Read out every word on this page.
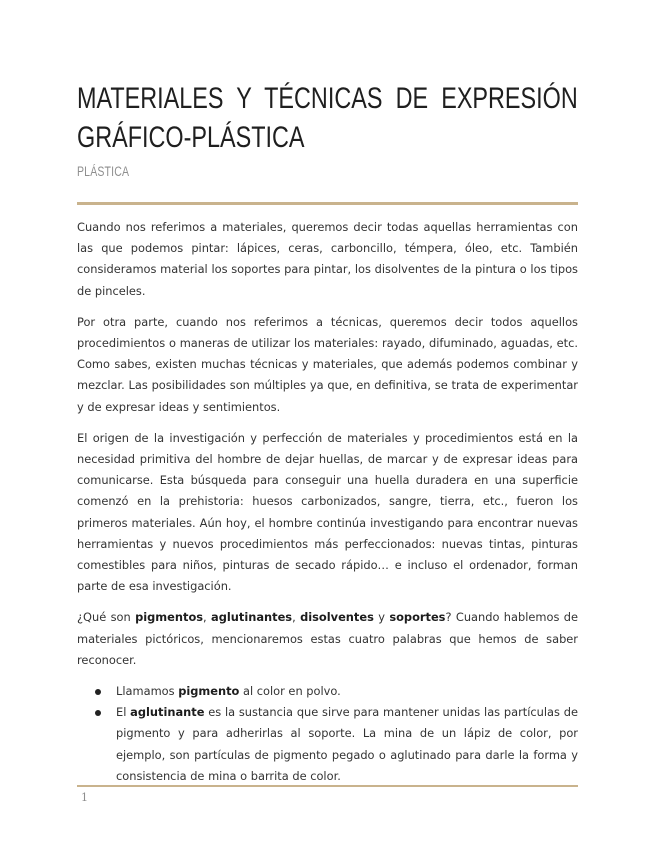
MATERIALES Y TÉCNICAS DE EXPRESIÓN
GRÁFICO-PLÁSTICA
PLÁSTICA

Cuando nos referimos a materiales, queremos decir todas aquellas herramientas con las que podemos pintar: lápices, ceras, carboncillo, témpera, óleo, etc. También consideramos material los soportes para pintar, los disolventes de la pintura o los tipos de pinceles.

Por otra parte, cuando nos referimos a técnicas, queremos decir todos aquellos procedimientos o maneras de utilizar los materiales: rayado, difuminado, aguadas, etc. Como sabes, existen muchas técnicas y materiales, que además podemos combinar y mezclar. Las posibilidades son múltiples ya que, en definitiva, se trata de experimentar y de expresar ideas y sentimientos.

El origen de la investigación y perfección de materiales y procedimientos está en la necesidad primitiva del hombre de dejar huellas, de marcar y de expresar ideas para comunicarse. Esta búsqueda para conseguir una huella duradera en una superficie comenzó en la prehistoria: huesos carbonizados, sangre, tierra, etc., fueron los primeros materiales. Aún hoy, el hombre continúa investigando para encontrar nuevas herramientas y nuevos procedimientos más perfeccionados: nuevas tintas, pinturas comestibles para niños, pinturas de secado rápido… e incluso el ordenador, forman parte de esa investigación.

¿Qué son pigmentos, aglutinantes, disolventes y soportes? Cuando hablemos de materiales pictóricos, mencionaremos estas cuatro palabras que hemos de saber reconocer.

Llamamos pigmento al color en polvo.
El aglutinante es la sustancia que sirve para mantener unidas las partículas de pigmento y para adherirlas al soporte. La mina de un lápiz de color, por ejemplo, son partículas de pigmento pegado o aglutinado para darle la forma y consistencia de mina o barrita de color.
1
